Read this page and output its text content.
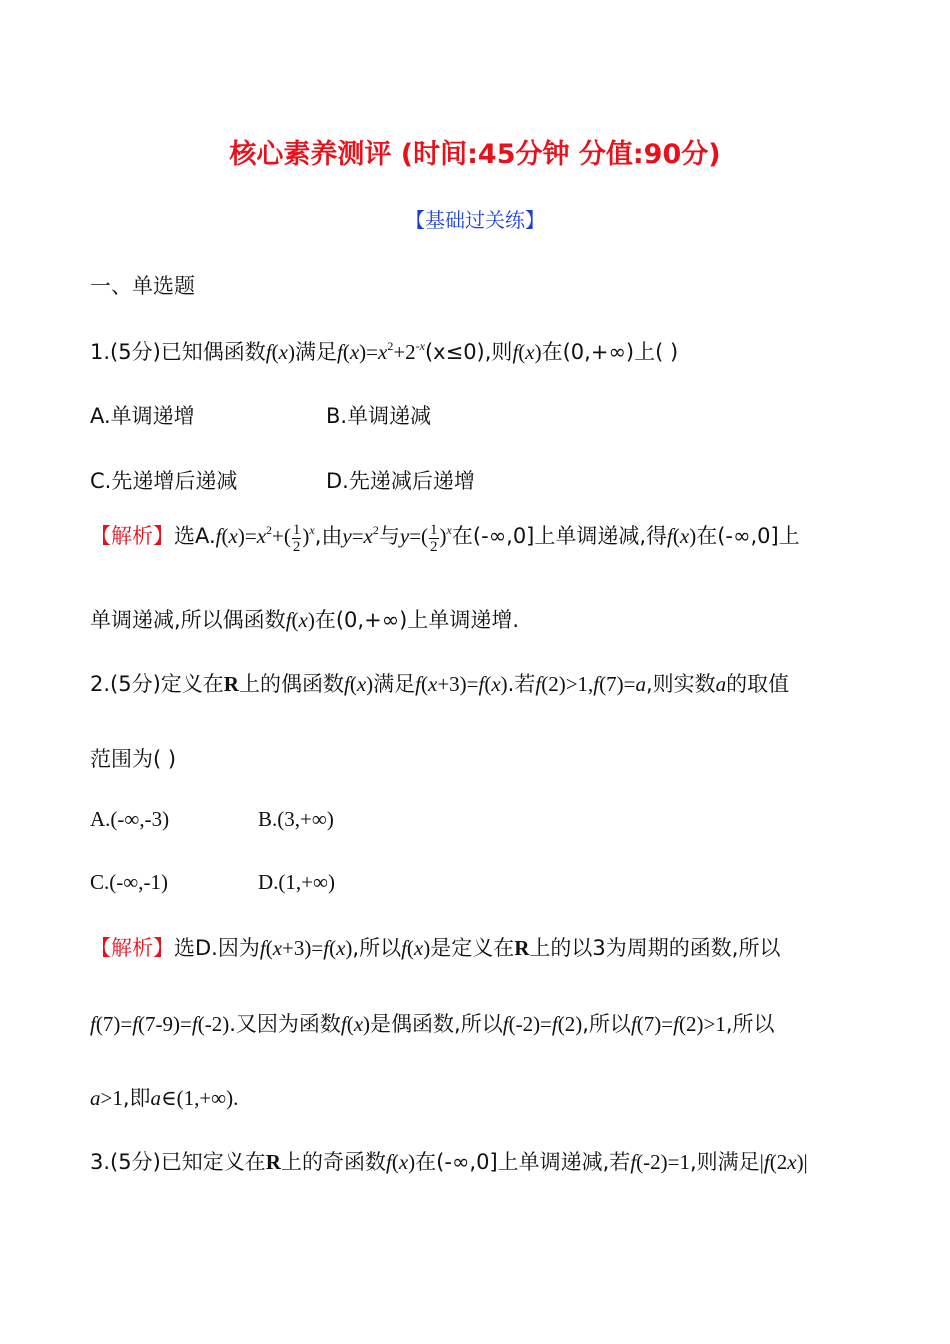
核心素养测评 (时间:45分钟 分值:90分)
【基础过关练】
一、单选题
1.(5分)已知偶函数f(x)满足$f(x)=x^2+2^{-x}(x\le 0)$,则f(x)在(0,+∞)上( )
A.单调递增	B.单调递减
C.先递增后递减	D.先递减后递增
【解析】选$A.f(x)=x^2+( \frac{1}{2} )^x$,由$y=x^2$与$y=( \frac{1}{2} )^x$在(-∞,0]上单调递减,得f(x)在(-∞,0]上
单调递减,所以偶函数f(x)在(0,+∞)上单调递增.
2.(5分)定义在R上的偶函数f(x)满足f(x+3)=f(x).若f(2)>1,f(7)=a,则实数a的取值
范围为( )
A.(-∞,-3)	B.(3,+∞)
C.(-∞,-1)	D.(1,+∞)
【解析】选D.因为f(x+3)=f(x),所以f(x)是定义在R上的以3为周期的函数,所以
f(7)=f(7-9)=f(-2).又因为函数f(x)是偶函数,所以f(-2)=f(2),所以f(7)=f(2)>1,所以
a>1,即a∈(1,+∞).
3.(5分)已知定义在R上的奇函数f(x)在(-∞,0]上单调递减,若f(-2)=1,则满足|f(2x)|
